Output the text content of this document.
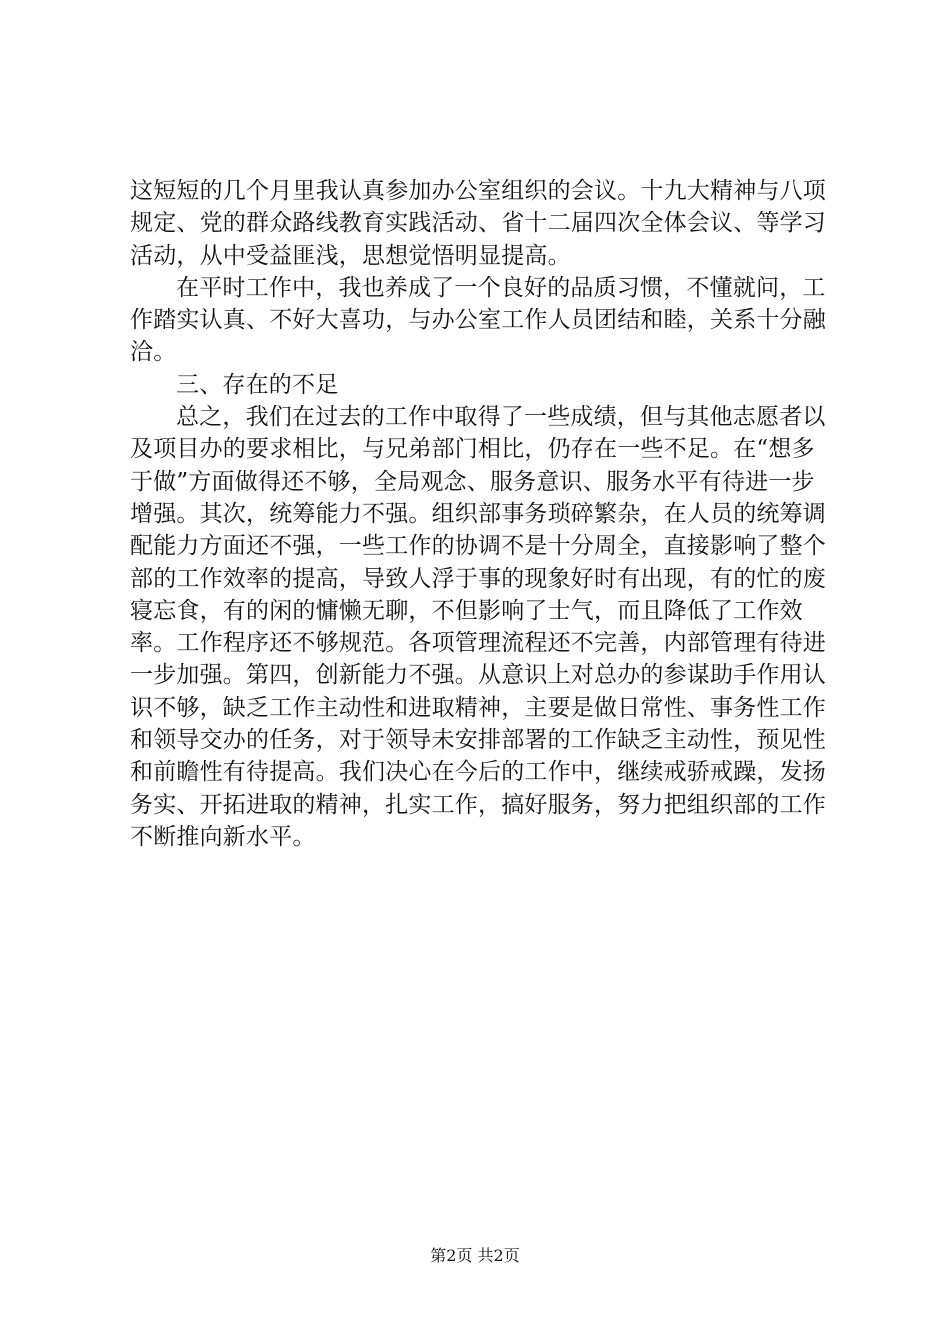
这短短的几个月里我认真参加办公室组织的会议。十九大精神与八项规定、党的群众路线教育实践活动、省十二届四次全体会议、等学习活动，从中受益匪浅，思想觉悟明显提高。

在平时工作中，我也养成了一个良好的品质习惯，不懂就问，工作踏实认真、不好大喜功，与办公室工作人员团结和睦，关系十分融洽。

三、存在的不足

总之，我们在过去的工作中取得了一些成绩，但与其他志愿者以及项目办的要求相比，与兄弟部门相比，仍存在一些不足。在“想多于做”方面做得还不够，全局观念、服务意识、服务水平有待进一步增强。其次，统筹能力不强。组织部事务琐碎繁杂，在人员的统筹调配能力方面还不强，一些工作的协调不是十分周全，直接影响了整个部的工作效率的提高，导致人浮于事的现象好时有出现，有的忙的废寝忘食，有的闲的慵懒无聊，不但影响了士气，而且降低了工作效率。工作程序还不够规范。各项管理流程还不完善，内部管理有待进一步加强。第四，创新能力不强。从意识上对总办的参谋助手作用认识不够，缺乏工作主动性和进取精神，主要是做日常性、事务性工作和领导交办的任务，对于领导未安排部署的工作缺乏主动性，预见性和前瞻性有待提高。我们决心在今后的工作中，继续戒骄戒躁，发扬务实、开拓进取的精神，扎实工作，搞好服务，努力把组织部的工作不断推向新水平。

第2页 共2页
